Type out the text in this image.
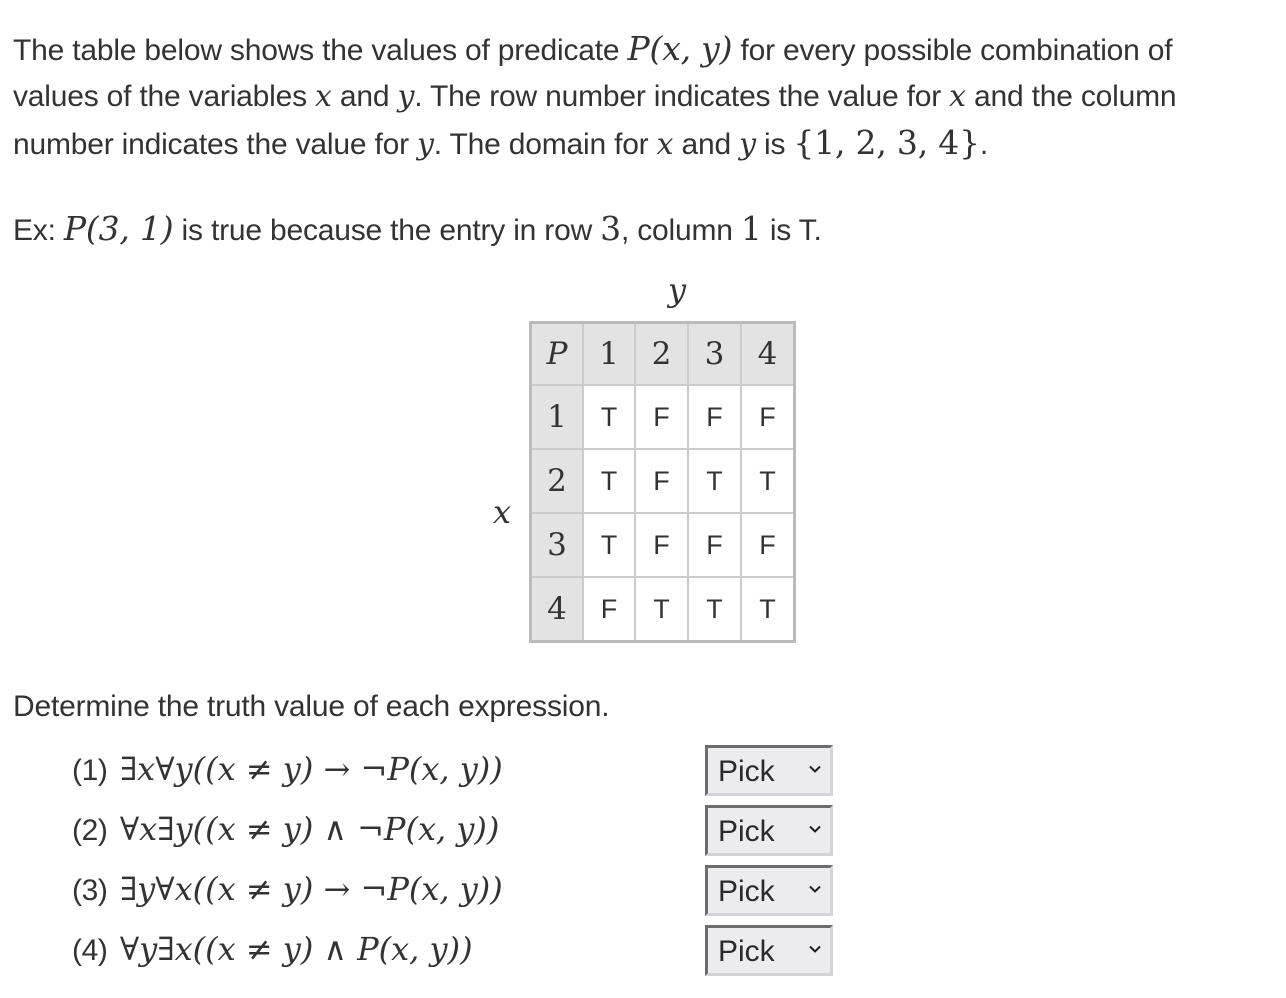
The table below shows the values of predicate P(x, y) for every possible combination of
values of the variables x and y. The row number indicates the value for x and the column
number indicates the value for y. The domain for x and y is {1, 2, 3, 4}.
Ex: P(3, 1) is true because the entry in row 3, column 1 is T.
y
x
P	1	2	3	4
1	T	F	F	F
2	T	F	T	T
3	T	F	F	F
4	F	T	T	T
Determine the truth value of each expression.
(1) ∃x∀y((x ≠ y) → ¬P(x, y))	Pick
(2) ∀x∃y((x ≠ y) ∧ ¬P(x, y))	Pick
(3) ∃y∀x((x ≠ y) → ¬P(x, y))	Pick
(4) ∀y∃x((x ≠ y) ∧ P(x, y))	Pick
